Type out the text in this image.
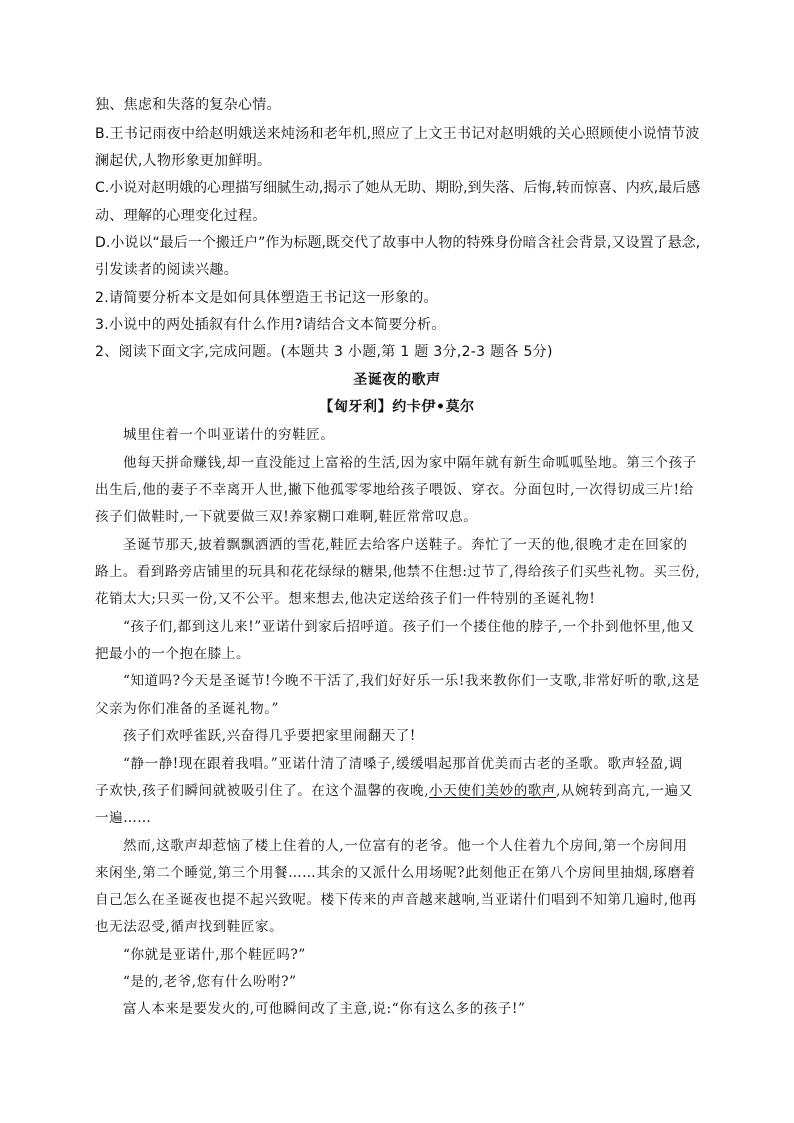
独、焦虑和失落的复杂心情。
B.王书记雨夜中给赵明娥送来炖汤和老年机,照应了上文王书记对赵明娥的关心照顾使小说情节波
澜起伏,人物形象更加鲜明。
C.小说对赵明娥的心理描写细腻生动,揭示了她从无助、期盼,到失落、后悔,转而惊喜、内疚,最后感
动、理解的心理变化过程。
D.小说以“最后一个搬迁户”作为标题,既交代了故事中人物的特殊身份暗含社会背景,又设置了悬念,
引发读者的阅读兴趣。
2.请简要分析本文是如何具体塑造王书记这一形象的。
3.小说中的两处插叙有什么作用?请结合文本简要分析。
2、阅读下面文字,完成问题。(本题共 3 小题,第 1 题 3分,2-3 题各 5分)
圣诞夜的歌声
【匈牙利】约卡伊•莫尔
城里住着一个叫亚诺什的穷鞋匠。
他每天拼命赚钱,却一直没能过上富裕的生活,因为家中隔年就有新生命呱呱坠地。第三个孩子
出生后,他的妻子不幸离开人世,撇下他孤零零地给孩子喂饭、穿衣。分面包时,一次得切成三片!给
孩子们做鞋时,一下就要做三双!养家糊口难啊,鞋匠常常叹息。
圣诞节那天,披着飘飘洒洒的雪花,鞋匠去给客户送鞋子。奔忙了一天的他,很晚才走在回家的
路上。看到路旁店铺里的玩具和花花绿绿的糖果,他禁不住想:过节了,得给孩子们买些礼物。买三份,
花销太大;只买一份,又不公平。想来想去,他决定送给孩子们一件特别的圣诞礼物!
“孩子们,都到这儿来!”亚诺什到家后招呼道。孩子们一个搂住他的脖子,一个扑到他怀里,他又
把最小的一个抱在膝上。
“知道吗?今天是圣诞节!今晚不干活了,我们好好乐一乐!我来教你们一支歌,非常好听的歌,这是
父亲为你们准备的圣诞礼物。”
孩子们欢呼雀跃,兴奋得几乎要把家里闹翻天了!
“静一静!现在跟着我唱。”亚诺什清了清嗓子,缓缓唱起那首优美而古老的圣歌。歌声轻盈,调
子欢快,孩子们瞬间就被吸引住了。在这个温馨的夜晚,小天使们美妙的歌声,从婉转到高亢,一遍又
一遍……
然而,这歌声却惹恼了楼上住着的人,一位富有的老爷。他一个人住着九个房间,第一个房间用
来闲坐,第二个睡觉,第三个用餐……其余的又派什么用场呢?此刻他正在第八个房间里抽烟,琢磨着
自己怎么在圣诞夜也提不起兴致呢。楼下传来的声音越来越响,当亚诺什们唱到不知第几遍时,他再
也无法忍受,循声找到鞋匠家。
“你就是亚诺什,那个鞋匠吗?”
“是的,老爷,您有什么吩咐?”
富人本来是要发火的,可他瞬间改了主意,说:“你有这么多的孩子!”
